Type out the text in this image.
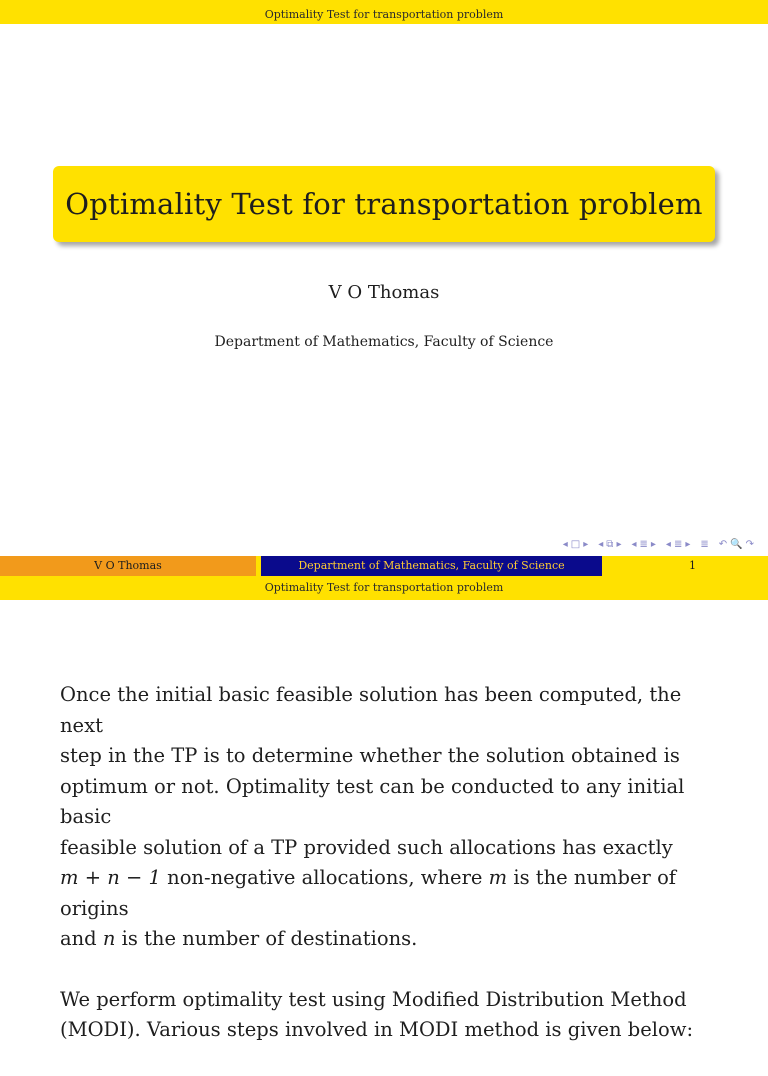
Optimality Test for transportation problem
Optimality Test for transportation problem
V O Thomas
Department of Mathematics, Faculty of Science
◂ □ ▸ ◂ ⧉ ▸ ◂ ≣ ▸ ◂ ≣ ▸ ≣ ↶ 🔍 ↷
V O Thomas	Department of Mathematics, Faculty of Science	1
Optimality Test for transportation problem

Once the initial basic feasible solution has been computed, the next
step in the TP is to determine whether the solution obtained is
optimum or not. Optimality test can be conducted to any initial basic
feasible solution of a TP provided such allocations has exactly
m + n − 1 non-negative allocations, where m is the number of origins
and n is the number of destinations.

We perform optimality test using Modified Distribution Method
(MODI). Various steps involved in MODI method is given below:
